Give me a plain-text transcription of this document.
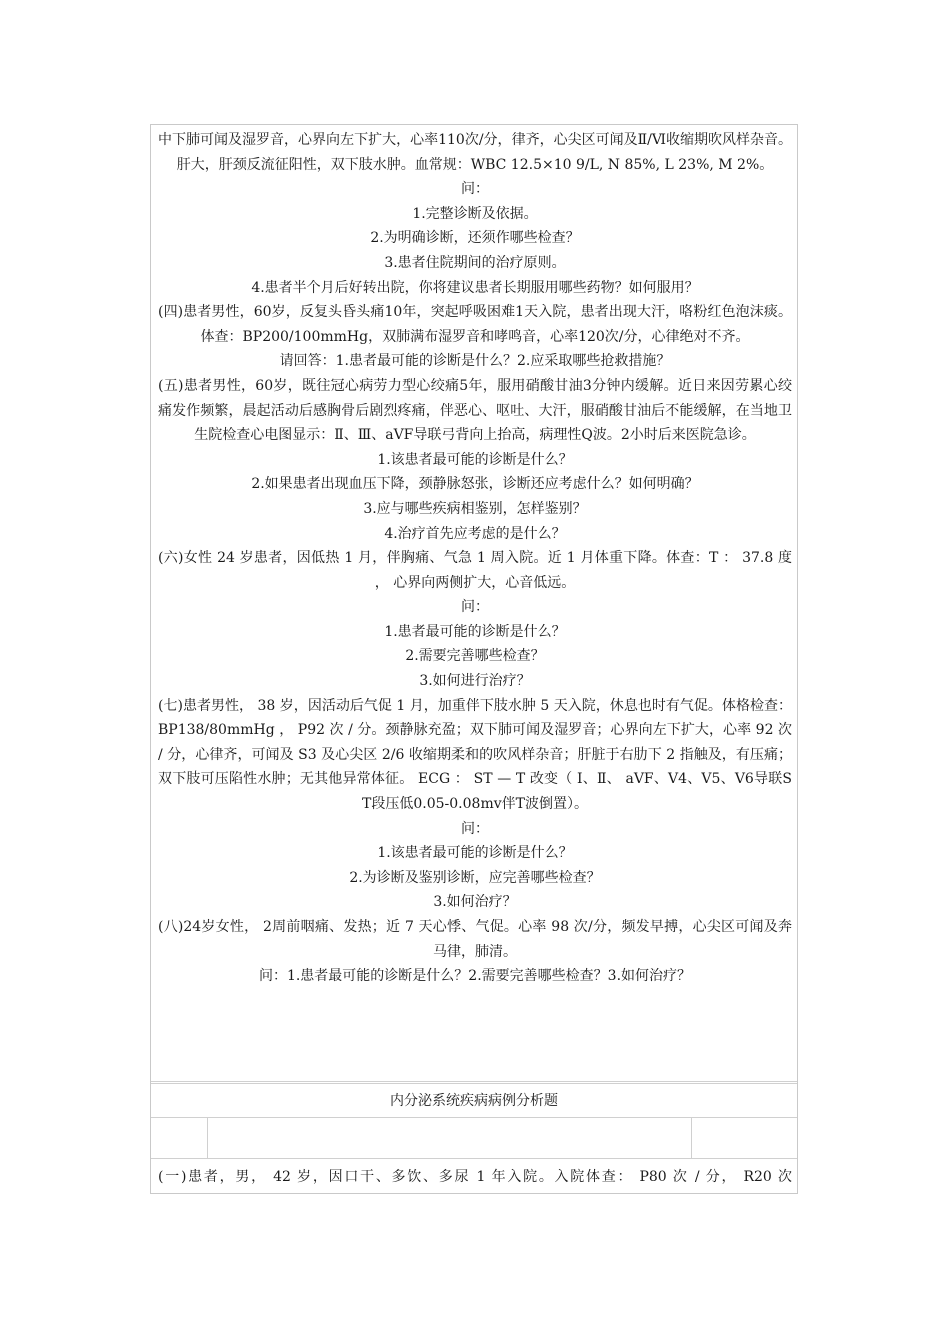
中下肺可闻及湿罗音，心界向左下扩大，心率110次/分，律齐，心尖区可闻及Ⅱ/Ⅵ收缩期吹风样杂音。肝大，肝颈反流征阳性，双下肢水肿。血常规：WBC 12.5×10 9/L, N 85%, L 23%, M 2%。

问：

1.完整诊断及依据。

2.为明确诊断，还须作哪些检查？

3.患者住院期间的治疗原则。

4.患者半个月后好转出院，你将建议患者长期服用哪些药物？如何服用？

(四)患者男性，60岁，反复头昏头痛10年，突起呼吸困难1天入院，患者出现大汗，咯粉红色泡沫痰。体查：BP200/100mmHg，双肺满布湿罗音和哮鸣音，心率120次/分，心律绝对不齐。

请回答：1.患者最可能的诊断是什么？2.应采取哪些抢救措施？

(五)患者男性，60岁，既往冠心病劳力型心绞痛5年，服用硝酸甘油3分钟内缓解。近日来因劳累心绞痛发作频繁，晨起活动后感胸骨后剧烈疼痛，伴恶心、呕吐、大汗，服硝酸甘油后不能缓解，在当地卫生院检查心电图显示：Ⅱ、Ⅲ、aVF导联弓背向上抬高，病理性Q波。2小时后来医院急诊。

1.该患者最可能的诊断是什么？

2.如果患者出现血压下降，颈静脉怒张，诊断还应考虑什么？如何明确？

3.应与哪些疾病相鉴别，怎样鉴别？

4.治疗首先应考虑的是什么？

(六)女性 24 岁患者，因低热 1 月，伴胸痛、气急 1 周入院。近 1 月体重下降。体查：T ： 37.8 度 ， 心界向两侧扩大，心音低远。

问：

1.患者最可能的诊断是什么？

2.需要完善哪些检查？

3.如何进行治疗？

(七)患者男性， 38 岁，因活动后气促 1 月，加重伴下肢水肿 5 天入院，休息也时有气促。体格检查： BP138/80mmHg ， P92 次 / 分。颈静脉充盈；双下肺可闻及湿罗音；心界向左下扩大，心率 92 次 / 分，心律齐，可闻及 S3 及心尖区 2/6 收缩期柔和的吹风样杂音；肝脏于右肋下 2 指触及，有压痛；双下肢可压陷性水肿；无其他异常体征。 ECG ： ST — T 改变（ Ⅰ、Ⅱ、 aVF、V4、V5、V6导联ST段压低0.05-0.08mv伴T波倒置）。

问：

1.该患者最可能的诊断是什么？

2.为诊断及鉴别诊断，应完善哪些检查？

3.如何治疗？

(八)24岁女性， 2周前咽痛、发热；近 7 天心悸、气促。心率 98 次/分，频发早搏，心尖区可闻及奔马律，肺清。

问：1.患者最可能的诊断是什么？2.需要完善哪些检查？3.如何治疗？

内分泌系统疾病病例分析题
(一)患者，男， 42 岁，因口干、多饮、多尿 1 年入院。入院体查： P80 次 / 分， R20 次
